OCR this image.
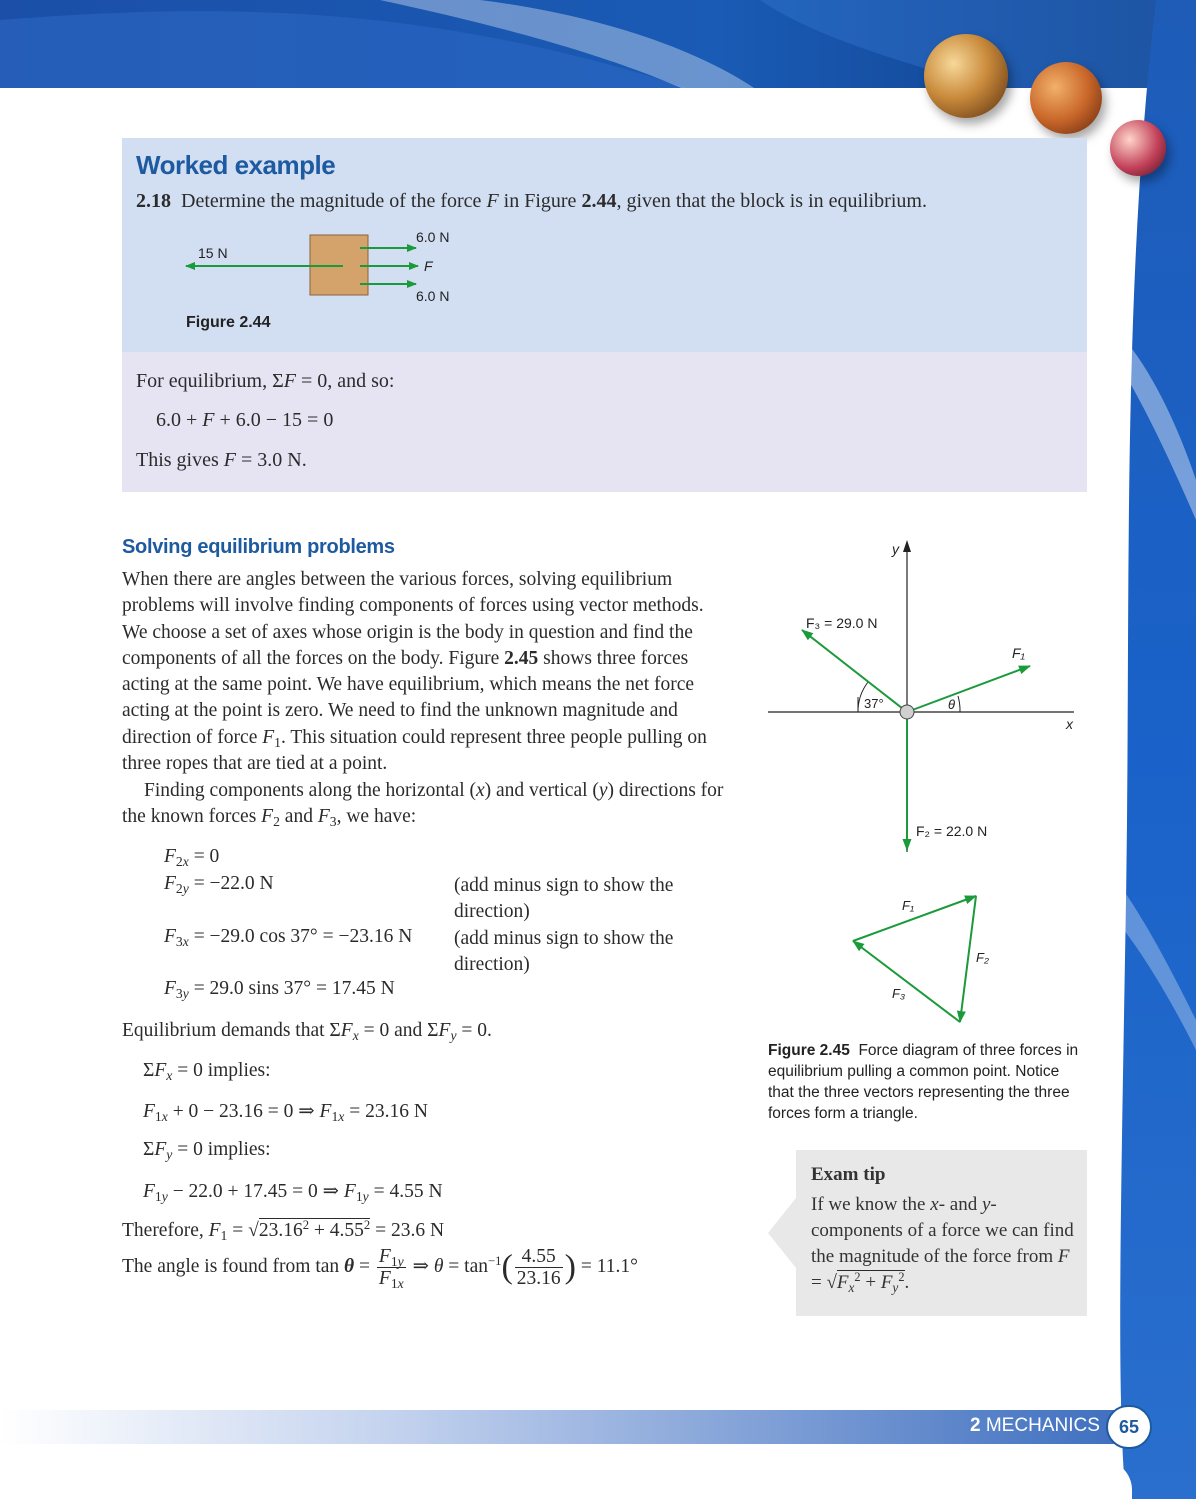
Worked example
2.18 Determine the magnitude of the force F in Figure 2.44, given that the block is in equilibrium.
15 N
6.0 N
F
6.0 N
Figure 2.44
For equilibrium, ΣF = 0, and so:
6.0 + F + 6.0 − 15 = 0
This gives F = 3.0 N.
Solving equilibrium problems
When there are angles between the various forces, solving equilibrium problems will involve finding components of forces using vector methods. We choose a set of axes whose origin is the body in question and find the components of all the forces on the body. Figure 2.45 shows three forces acting at the same point. We have equilibrium, which means the net force acting at the point is zero. We need to find the unknown magnitude and direction of force $F_1$. This situation could represent three people pulling on three ropes that are tied at a point.
Finding components along the horizontal (x) and vertical (y) directions for the known forces $F_2$ and $F_3$, we have:
$F_{2x} = 0$
$F_{2y} = -22.0$ N	(add minus sign to show the direction)
$F_{3x} = -29.0$ cos 37° = −23.16 N (add minus sign to show the direction)
$F_{3y} = 29.0$ sins 37° = 17.45 N
Equilibrium demands that $\Sigma F_x = 0$ and $\Sigma F_y = 0$.
$\Sigma F_x = 0$ implies:
$F_{1x} + 0 - 23.16 = 0$ ⇒ $F_{1x} = 23.16$ N
$\Sigma F_y = 0$ implies:
$F_{1y} - 22.0 + 17.45 = 0$ ⇒ $F_{1y} = 4.55$ N
Therefore, $F_1 = √23.16^2 + 4.55^2 = 23.6$ N
The angle is found from $\tan \theta = \frac{F_{1y}}{F_{1x}}$ ⇒ $\theta = \tan^{-1}( \frac{4.55}{23.16}$ ) = 11.1°
y
x
F₃ = 29.0 N
F₁
F₂ = 22.0 N
37°	θ
F₁
F₂
F₃
Figure 2.45 Force diagram of three forces in equilibrium pulling a common point. Notice that the three vectors representing the three forces form a triangle.
Exam tip
If we know the x- and y-components of a force we can find the magnitude of the force from $F = √F_x^2 + F_y^2$.
2 MECHANICS	65
